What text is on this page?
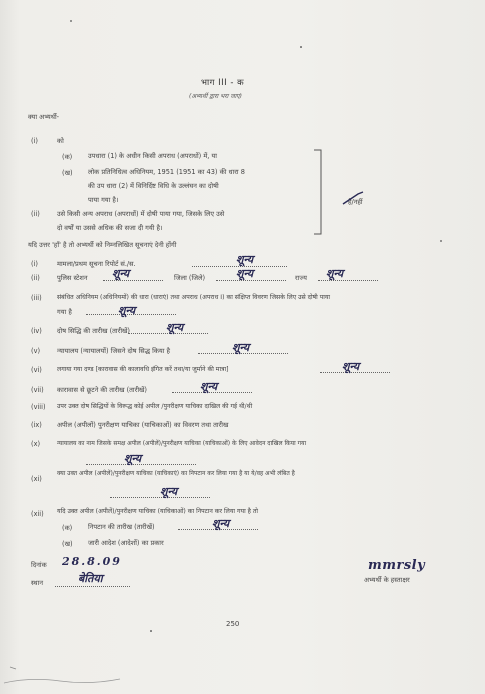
भाग III - क
(अभ्यर्थी द्वारा भरा जाए)
क्या अभ्यर्थी-
(i)	को
(क) उपधारा (1) के अधीन किसी अपराध (अपराधों) में, या
(ख) लोक प्रतिनिधित्व अधिनियम, 1951 (1951 का 43) की धारा 8
की उप धारा (2) में विनिर्दिष्ट विधि के उल्लंघन का दोषी
पाया गया है।	है/नहीं
(ii)	उसे किसी अन्य अपराध (अपराधों) में दोषी पाया गया, जिसके लिए उसे
दो वर्षों या उससे अधिक की सजा दी गयी है।
यदि उत्तर 'हाँ' है तो अभ्यर्थी को निम्नलिखित सूचनाएं देनी होंगी
(i)	मामला/प्रथम सूचना रिपोर्ट सं./स.	शून्य
(ii)	पुलिस स्टेशन शून्य	जिला (जिले)	शून्य	राज्य शून्य
(iii) संबंधित अधिनियम (अधिनियमों) की धारा (धाराएं) तथा अपराध (अपराध I) का संक्षिप्त विवरण जिसके लिए उसे दोषी पाया
गया है	शून्य
(iv) दोष सिद्धि की तारीख (तारीखें)	शून्य
(v)	न्यायालय (न्यायालयों) जिसने दोष सिद्ध किया है	शून्य
(vi) लगाया गया दण्ड [कारावास की कालावधि इंगित करें तथा/या जुर्माने की मात्रा]	शून्य
(vii) कारावास से छूटने की तारीख (तारीखें)	शून्य
(viii) उपर उक्त दोष सिद्धियों के विरूद्ध कोई अपील /पुनरीक्षण याचिका दाखिल की गई थी/थी
(ix) अपील (अपीलों) पुनरीक्षण याचिका (याचिकाओं) का विवरण तथा तारीख
(x)	न्यायालय का नाम जिसके समक्ष अपील (अपीलें)/पुनरीक्षण याचिका (याचिकाओं) के लिए आवेदन दाखिल किया गया
शून्य
(xi)
क्या उक्त अपील (अपीलें)/पुनरीक्षण याचिका (याचिकाएं) का निपटान कर लिया गया है या ये/वह अभी लंबित है
शून्य
(xii) यदि उक्त अपील (अपीलें)/पुनरीक्षण याचिका (याचिकाओं) का निपटान कर लिया गया है तो
(क) निपटान की तारीख (तारीखें)	शून्य
(ख) जारी आदेश (आदेशों) का प्रकार
दिनांक 28.8.09
स्थान	बेतिया
mmrsly
अभ्यर्थी के हस्ताक्षर
250
